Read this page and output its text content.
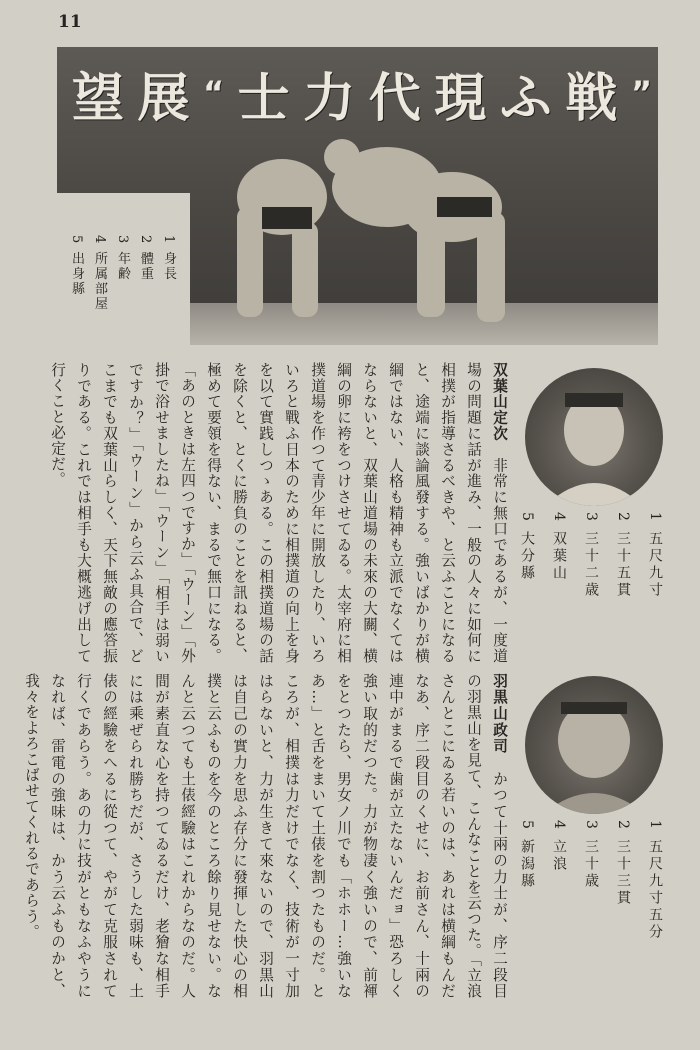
11
”
戦
ふ
現
代
力
士
“
展
望
5 出身縣 4 所属部屋 3 年齢 2 體重 1 身長
1 五尺九寸
2 三十五貫
3 三十二歳
4 双葉山
5 大分縣
1 五尺九寸五分
2 三十三貫
3 三十歳
4 立浪
5 新潟縣
双葉山定次　非常に無口であるが、一度道場の問題に話が進み、一般の人々に如何に相撲が指導さるべきや、と云ふことになると、途端に談論風發する。強いばかりが横綱ではない、人格も精神も立派でなくてはならないと、双葉山道場の未來の大關、横綱の卵に袴をつけさせてゐる。太宰府に相撲道場を作つて青少年に開放したり、いろいろと戰ふ日本のために相撲道の向上を身を以て實践しつゝある。この相撲道場の話を除くと、とくに勝負のことを訊ねると、極めて要領を得ない、まるで無口になる。「あのときは左四つですか」「ウーン」「外掛で浴せましたね」「ウーン」「相手は弱いですか？」「ウーン」から云ふ具合で、どこまでも双葉山らしく、天下無敵の應答振りである。これでは相手も大概逃げ出して行くこと必定だ。
羽黒山政司　かつて十兩の力士が、序二段目の羽黒山を見て、こんなことを云つた。「立浪さんとこにゐる若いのは、あれは横綱もんだなあ、序二段目のくせに、お前さん、十兩の連中がまるで歯が立たないんだョ」恐ろしく強い取的だつた。力が物凄く強いので、前褌をとつたら、男女ノ川でも「ホホー…強いなあ…」と舌をまいて土俵を割つたものだ。ところが、相撲は力だけでなく、技術が一寸加はらないと、力が生きて來ないので、羽黒山は自己の實力を思ふ存分に發揮した快心の相撲と云ふものを今のところ餘り見せない。なんと云つても土俵經驗はこれからなのだ。人間が素直な心を持つてゐるだけ、老獪な相手には乘ぜられ勝ちだが、さうした弱味も、土俵の經驗をへるに從つて、やがて克服されて行くであらう。あの力に技がともなふやうになれば、雷電の強味は、かう云ふものかと、我々をよろこばせてくれるであらう。
